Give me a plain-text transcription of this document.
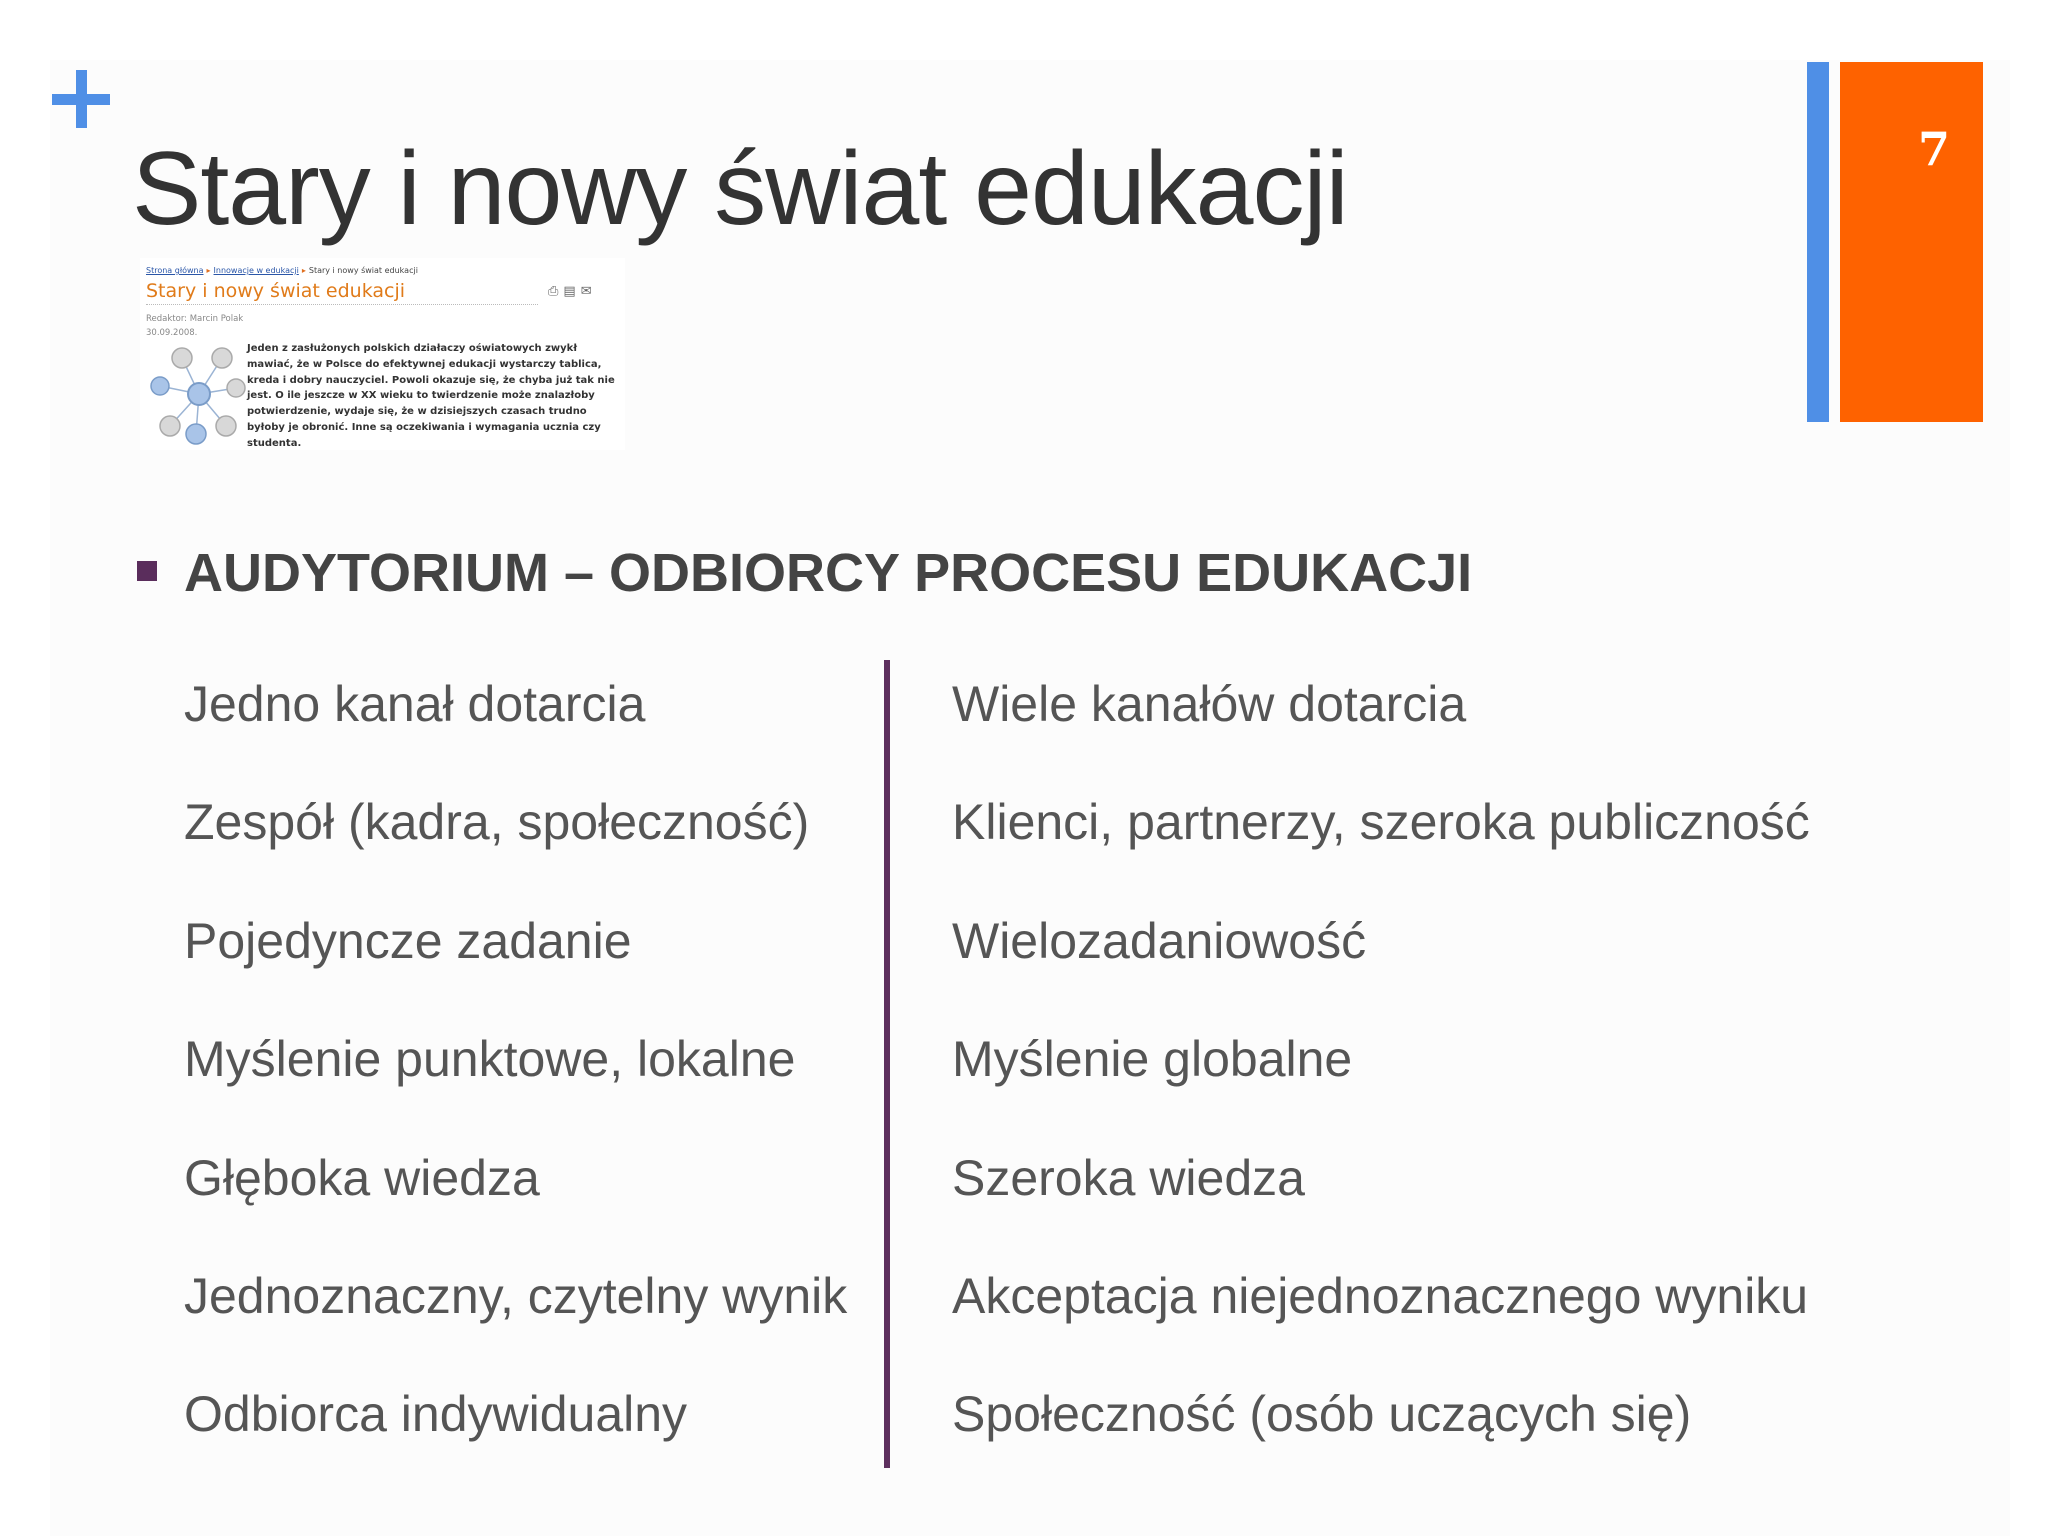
Stary i nowy świat edukacji	7
Strona główna ▸ Innowacje w edukacji ▸ Stary i nowy świat edukacji
Stary i nowy świat edukacji	⎙▤✉
Redaktor: Marcin Polak
30.09.2008.
Jeden z zasłużonych polskich działaczy oświatowych zwykł mawiać, że w Polsce do efektywnej edukacji wystarczy tablica, kreda i dobry nauczyciel. Powoli okazuje się, że chyba już tak nie jest. O ile jeszcze w XX wieku to twierdzenie może znalazłoby potwierdzenie, wydaje się, że w dzisiejszych czasach trudno byłoby je obronić. Inne są oczekiwania i wymagania ucznia czy studenta.
AUDYTORIUM – ODBIORCY PROCESU EDUKACJI
Jedno kanał dotarcia
Zespół (kadra, społeczność)
Pojedyncze zadanie
Myślenie punktowe, lokalne
Głęboka wiedza
Jednoznaczny, czytelny wynik
Odbiorca indywidualny
Wiele kanałów dotarcia
Klienci, partnerzy, szeroka publiczność
Wielozadaniowość
Myślenie globalne
Szeroka wiedza
Akceptacja niejednoznacznego wyniku
Społeczność (osób uczących się)
